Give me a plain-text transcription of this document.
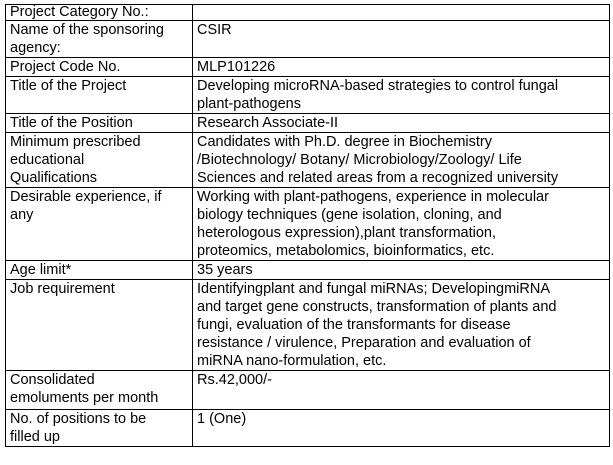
Project Category No.:	
Name of the sponsoring
agency:	CSIR
Project Code No.	MLP101226
Title of the Project	Developing microRNA-based strategies to control fungal
plant-pathogens
Title of the Position	Research Associate-II
Minimum prescribed
educational
Qualifications	Candidates with Ph.D. degree in Biochemistry
/Biotechnology/ Botany/ Microbiology/Zoology/ Life
Sciences and related areas from a recognized university
Desirable experience, if
any	Working with plant-pathogens, experience in molecular
biology techniques (gene isolation, cloning, and
heterologous expression),plant transformation,
proteomics, metabolomics, bioinformatics, etc.
Age limit*	35 years
Job requirement	Identifyingplant and fungal miRNAs; DevelopingmiRNA
and target gene constructs, transformation of plants and
fungi, evaluation of the transformants for disease
resistance / virulence, Preparation and evaluation of
miRNA nano-formulation, etc.
Consolidated
emoluments per month	Rs.42,000/-
No. of positions to be
filled up	1 (One)
